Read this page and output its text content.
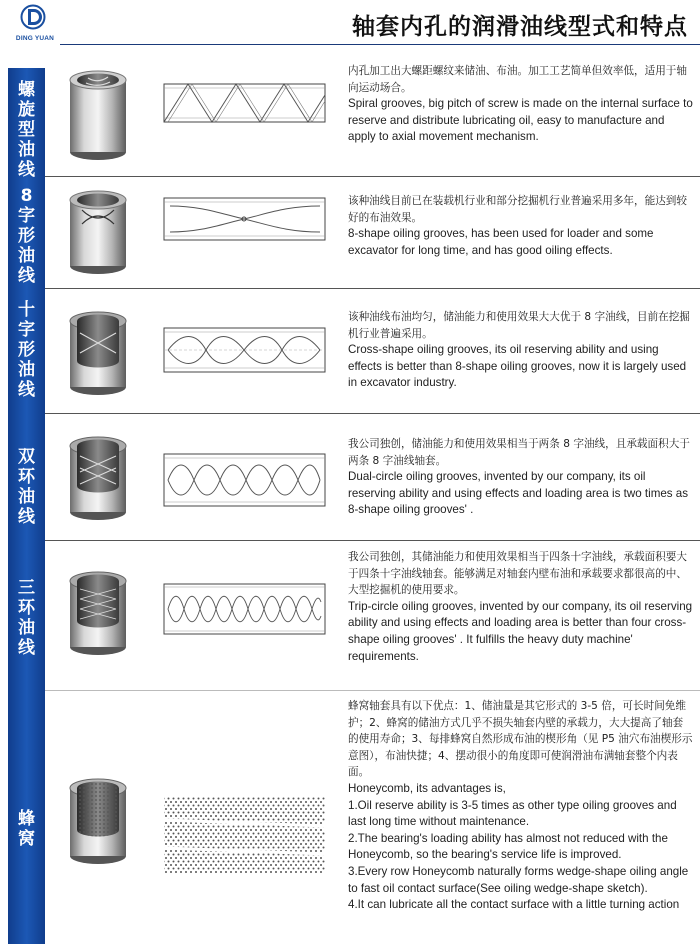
DING YUAN	轴套内孔的润滑油线型式和特点
螺
旋
型
油
线
内孔加工出大螺距螺纹来储油、布油。加工工艺简单但效率低，适用于轴向运动场合。
Spiral grooves, big pitch of screw is made on the internal surface to reserve and distribute lubricating oil, easy to manufacture and apply to axial movement mechanism.
8
字
形
油
线
该种油线目前已在装载机行业和部分挖掘机行业普遍采用多年，能达到较好的布油效果。
8-shape oiling grooves, has been used for loader and some excavator for long time, and has good oiling effects.
十
字
形
油
线
该种油线布油均匀，储油能力和使用效果大大优于 8 字油线，目前在挖掘机行业普遍采用。
Cross-shape oiling grooves, its oil reserving ability and using effects is better than 8-shape oiling grooves, now it is largely used in excavator industry.
双
环
油
线
我公司独创，储油能力和使用效果相当于两条 8 字油线，且承载面积大于两条 8 字油线轴套。
Dual-circle oiling grooves, invented by our company, its oil reserving ability and using effects and loading area is two times as 8-shape oiling grooves' .
三
环
油
线
我公司独创，其储油能力和使用效果相当于四条十字油线，承载面积要大于四条十字油线轴套。能够满足对轴套内壁布油和承载要求都很高的中、大型挖掘机的使用要求。
Trip-circle oiling grooves, invented by our company, its oil reserving ability and using effects and loading area is better than four cross-shape oiling grooves' . It fulfills the heavy duty machine' requirements.
蜂
窝
蜂窝轴套具有以下优点：1、储油量是其它形式的 3-5 倍，可长时间免维护；2、蜂窝的储油方式几乎不损失轴套内壁的承载力，大大提高了轴套的使用寿命；3、每排蜂窝自然形成布油的楔形角（见 P5 油穴布油楔形示意图），布油快捷；4、摆动很小的角度即可使润滑油布满轴套整个内表面。
Honeycomb, its advantages is,
1.Oil reserve ability is 3-5 times as other type oiling grooves and last long time without maintenance.
2.The bearing's loading ability has almost not reduced with the Honeycomb, so the bearing's service life is improved.
3.Every row Honeycomb naturally forms wedge-shape oiling angle to fast oil contact surface(See oiling wedge-shape sketch).
4.It can lubricate all the contact surface with a little turning action
